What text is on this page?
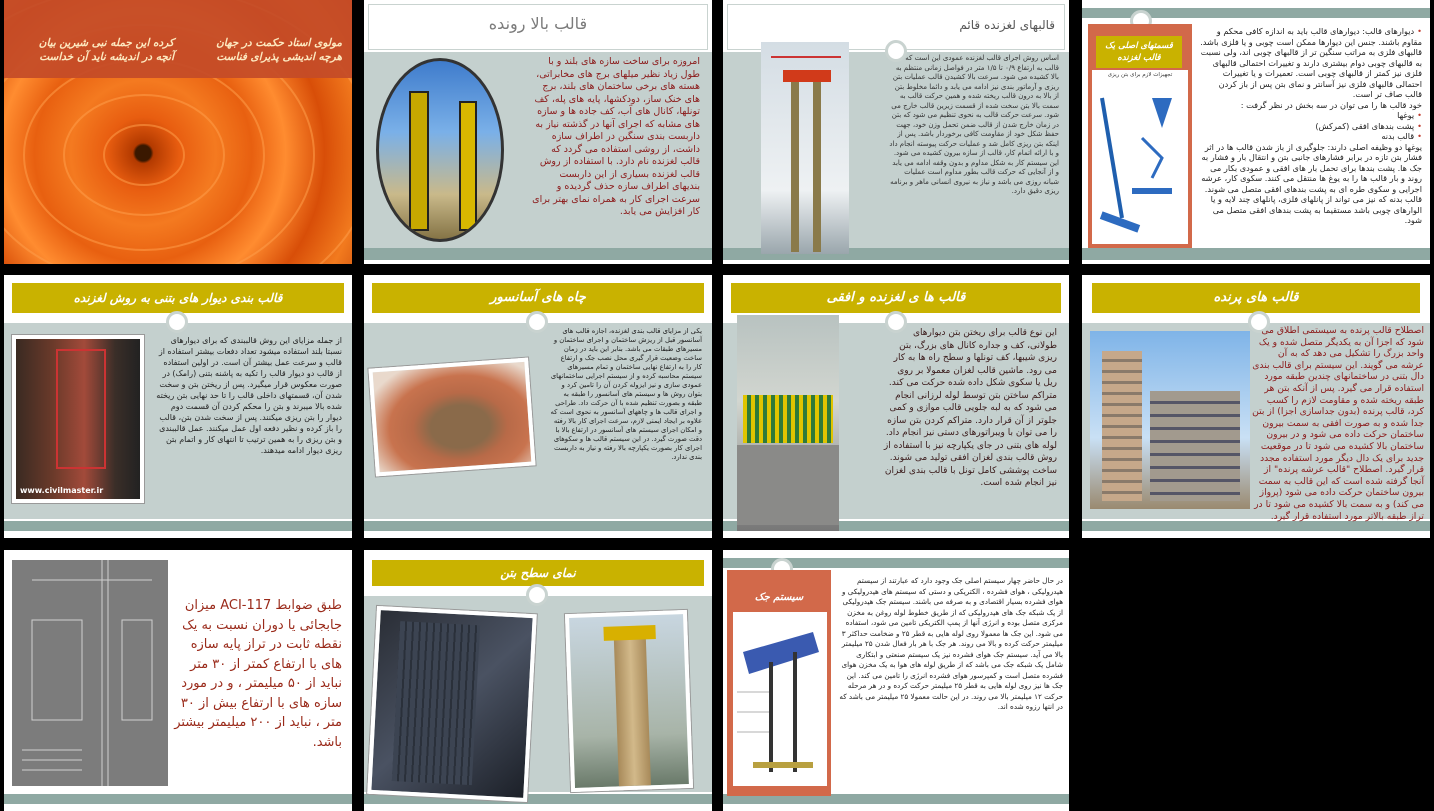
مولوی استاد حکمت در جهان
هرچه اندیشی پذیرای فناست
کرده این جمله نبی شیرین بیان
آنچه در اندیشه ناید آن خداست
قالب بالا رونده
امروزه برای ساخت سازه های بلند و با طول زیاد نظیر میلهای برج های مخابراتی، هسته های برخی ساختمان های بلند، برج های خنک ساز، دودکشها، پایه های پله، کف تونلها، کانال های آب، کف جاده ها و سازه های مشابه که اجرای آنها در گذشته نیاز به داربست بندی سنگین در اطراف سازه داشت، از روشی استفاده می گردد که قالب لغزنده نام دارد. با استفاده از روش قالب لغزنده بسیاری از این داربست بندیهای اطراف سازه حذف گردیده و سرعت اجرای کار به همراه نمای بهتر برای کار افزایش می یابد.
قالبهای لغزنده قائم
اساس روش اجرای قالب لغزنده عمودی این است که قالب به ارتفاع ۰/۹ تا ۱/۵ متر در فواصل زمانی منتظم به بالا کشیده می شود. سرعت بالا کشیدن قالب عملیات بتن ریزی و آرماتور بندی نیز ادامه می یابد و دائما مخلوط بتن از بالا به درون قالب ریخته شده و همین حرکت قالب به سمت بالا بتن سخت شده از قسمت زیرین قالب خارج می شود. سرعت حرکت قالب به نحوی تنظیم می شود که بتن در زمان خارج شدن از قالب ضمن تحمل وزن خود، جهت حفظ شکل خود از مقاومت کافی برخوردار باشد. پس از اینکه بتن ریزی کامل شد و عملیات حرکت پیوسته انجام داد و با ارائه اتمام کار، قالب از سازه بیرون کشیده می شود. این سیستم کار به شکل مداوم و بدون وقفه ادامه می یابد و از آنجایی که حرکت قالب بطور مداوم است عملیات شبانه روزی می باشد و نیاز به نیروی انسانی ماهر و برنامه ریزی دقیق دارد.
قسمتهای اصلی یک قالب لغزنده
تجهیزات لازم برای بتن ریزی
• دیوارهای قالب: دیوارهای قالب باید به اندازه کافی محکم و مقاوم باشند. جنس این دیوارها ممکن است چوبی و یا فلزی باشد. قالبهای فلزی به مراتب سنگین تر از قالبهای چوبی اند، ولی نسبت به قالبهای چوبی دوام بیشتری دارند و تغییرات احتمالی قالبهای فلزی نیز کمتر از قالبهای چوبی است. تعمیرات و یا تغییرات احتمالی قالبهای فلزی نیز آسانتر و نمای بتن پس از باز کردن قالب صاف تر است.
خود قالب ها را می توان در سه بخش در نظر گرفت :
• یوغها
• پشت بندهای افقی (کمرکش)
• قالب بدنه
یوغها دو وظیفه اصلی دارند: جلوگیری از باز شدن قالب ها در اثر فشار بتن تازه در برابر فشارهای جانبی بتن و انتقال بار و فشار به جک ها. پشت بندها برای تحمل بار های افقی و عمودی بکار می روند و بار قالب ها را به یوغ ها منتقل می کنند. سکوی کار، عرشه اجرایی و سکوی طره ای به پشت بندهای افقی متصل می شوند.
قالب بدنه که نیز می تواند از پانلهای فلزی، پانلهای چند لایه و یا الوارهای چوبی باشد مستقیما به پشت بندهای افقی متصل می شود.
قالب بندی دیوار های بتنی به روش لغزنده
www.civilmaster.ir
از جمله مزایای این روش قالببندی که برای دیوارهای نسبتا بلند استفاده میشود تعداد دفعات بیشتر استفاده از قالب و سرعت عمل بیشتر آن است. در اولین استفاده از قالب دو دیوار قالب را تکیه به پاشنه بتنی (رامک) در صورت معکوس قرار میگیرد. پس از ریختن بتن و سخت شدن آن، قسمتهای داخلی قالب را تا حد نهایی بتن ریخته شده بالا میبرند و بتن را محکم کردن آن قسمت دوم دیوار را بتن ریزی میکنند. پس از سخت شدن بتن، قالب را باز کرده و نظیر دفعه اول عمل میکنند. عمل قالببندی و بتن ریزی را به همین ترتیب تا انتهای کار و اتمام بتن ریزی دیوار ادامه میدهند.
چاه های آسانسور
یکی از مزایای قالب بندی لغزنده، اجازه قالب های آسانسور قبل از ریزش ساختمان و اجرای ساختمان و مسیرهای طبقات می باشد. بنابر این باید در زمان ساخت وضعیت قرار گیری محل نصب جک و ارتفاع کار را به ارتفاع نهایی ساختمان و تمام مسیرهای سیستم محاسبه کرده و از سیستم اجرایی ساختمانهای عمودی سازی و نیز ایزوله کردن آن را تامین کرد و بتوان روش ها و سیستم های آسانسور را طبقه به طبقه و بصورت تنظیم شده با آن حرکت داد. طراحی و اجرای قالب ها و چاههای آسانسور به نحوی است که علاوه بر ایجاد ایمنی لازم، سرعت اجرای کار بالا رفته و امکان اجرای سیستم های آسانسور در ارتفاع بالا با دقت صورت گیرد. در این سیستم قالب ها و سکوهای اجرای کار بصورت یکپارچه بالا رفته و نیاز به داربست بندی ندارد.
قالب ها ی لغزنده و افقی
این نوع قالب برای ریختن بتن دیوارهای طولانی، کف و جداره کانال های بزرگ، بتن ریزی شیبها، کف تونلها و سطح راه ها به کار می رود. ماشین قالب لغزان معمولا بر روی ریل یا سکوی شکل داده شده حرکت می کند. متراکم ساختن بتن توسط لوله لرزانی انجام می شود که به لبه جلویی قالب موازی و کمی جلوتر از آن قرار دارد. متراکم کردن بتن سازه را می توان با ویبراتورهای دستی نیز انجام داد. لوله های بتنی در جای یکپارچه نیز با استفاده از روش قالب بندی لغزان افقی تولید می شوند. ساخت پوششی کامل تونل با قالب بندی لغزان نیز انجام شده است.
قالب های پرنده
اصطلاح قالب پرنده به سیستمی اطلاق می شود که اجزا آن به یکدیگر متصل شده و یک واحد بزرگ را تشکیل می دهد که به آن عرشه می گویند. این سیستم برای قالب بندی دال بتنی در ساختمانهای چندین طبقه مورد استفاده قرار می گیرد. پس از آنکه بتن هر طبقه ریخته شده و مقاومت لازم را کسب کرد، قالب پرنده (بدون جداسازی اجزا) از بتن جدا شده و به صورت افقی به سمت بیرون ساختمان حرکت داده می شود و در بیرون ساختمان بالا کشیده می شود تا در موقعیت جدید برای یک دال دیگر مورد استفاده مجدد قرار گیرد. اصطلاح "قالب عرشه پرنده" از آنجا گرفته شده است که این قالب به سمت بیرون ساختمان حرکت داده می شود (پرواز می کند) و به سمت بالا کشیده می شود تا در تراز طبقه بالاتر مورد استفاده قرار گیرد.
طبق ضوابط ACI-117 میزان جابجائی یا دوران نسبت به یک نقطه ثابت در تراز پایه سازه های با ارتفاع کمتر از ۳۰ متر نباید از ۵۰ میلیمتر ، و در مورد سازه های با ارتفاع بیش از ۳۰ متر ، نباید از ۲۰۰ میلیمتر بیشتر باشد.
نمای سطح بتن
سیستم جک
در حال حاضر چهار سیستم اصلی جک وجود دارد که عبارتند از سیستم هیدرولیکی ، هوای فشرده ، الکتریکی و دستی که سیستم های هیدرولیکی و هوای فشرده بسیار اقتصادی و به صرفه می باشند. سیستم جک هیدرولیکی از یک شبکه جک های هیدرولیکی که از طریق خطوط لوله روغن به مخزن مرکزی متصل بوده و انرژی آنها از پمپ الکتریکی تامین می شود، استفاده می شود. این جک ها معمولا روی لوله هایی به قطر ۲۵ و ضخامت حداکثر ۳ میلیمتر حرکت کرده و بالا می روند. هر جک با هر بار فعال شدن ۲۵ میلیمتر بالا می آید. سیستم جک هوای فشرده نیز یک سیستم صنعتی و ابتکاری شامل یک شبکه جک می باشد که از طریق لوله های هوا به یک مخزن هوای فشرده متصل است و کمپرسور هوای فشرده انرژی را تامین می کند. این جک ها نیز روی لوله هایی به قطر ۲۵ میلیمتر حرکت کرده و در هر مرحله حرکت ۱۲ میلیمتر بالا می روند. در این حالت معمولا ۲۵ میلیمتر می باشد که در انتها رزوه شده اند.
